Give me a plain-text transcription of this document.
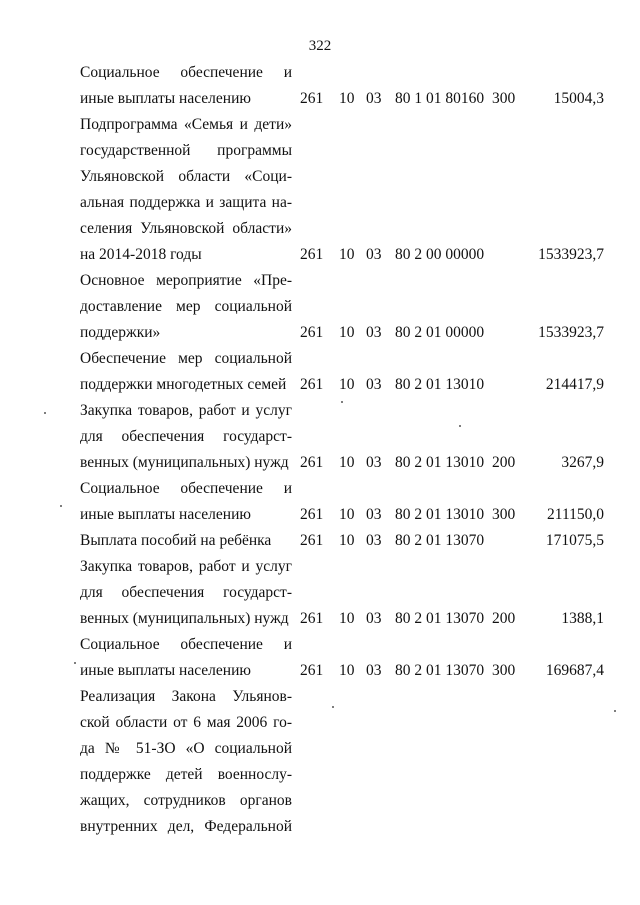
322
Социальное обеспечение и
иные выплаты населению	261 10 03 80 1 01 80160 300 15004,3
Подпрограмма «Семья и дети»
государственной программы
Ульяновской области «Соци-
альная поддержка и защита на-
селения Ульяновской области»
на 2014-2018 годы	261 10 03 80 2 00 00000	1533923,7
Основное мероприятие «Пре-
доставление мер социальной
поддержки»	261 10 03 80 2 01 00000	1533923,7
Обеспечение мер социальной
поддержки многодетных семей 261 10 03 80 2 01 13010	214417,9
Закупка товаров, работ и услуг
для обеспечения государст-
венных (муниципальных) нужд 261 10 03 80 2 01 13010 200	3267,9
Социальное обеспечение и
иные выплаты населению	261 10 03 80 2 01 13010 300 211150,0
Выплата пособий на ребёнка	261 10 03 80 2 01 13070	171075,5
Закупка товаров, работ и услуг
для обеспечения государст-
венных (муниципальных) нужд 261 10 03 80 2 01 13070 200	1388,1
Социальное обеспечение и
иные выплаты населению	261 10 03 80 2 01 13070 300 169687,4
Реализация Закона Ульянов-
ской области от 6 мая 2006 го-
да № 51-ЗО «О социальной
поддержке детей военнослу-
жащих, сотрудников органов
внутренних дел, Федеральной
